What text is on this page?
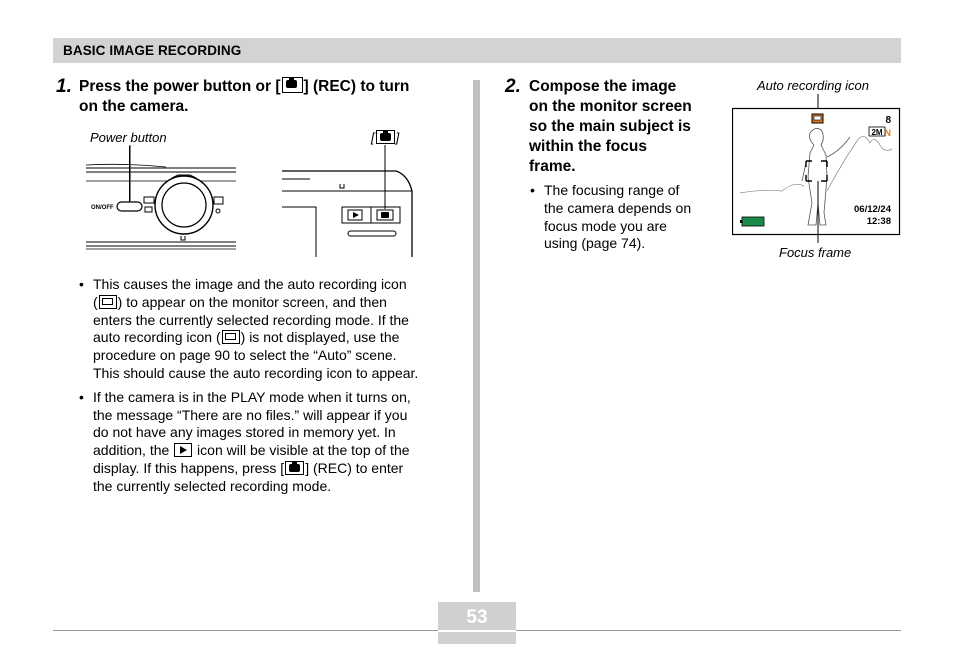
BASIC IMAGE RECORDING
1. Press the power button or [ ] (REC) to turn
on the camera.
Power button	[ ]
ON/OFF
• This causes the image and the auto recording icon
( ) to appear on the monitor screen, and then
enters the currently selected recording mode. If the
auto recording icon ( ) is not displayed, use the
procedure on page 90 to select the “Auto” scene.
This should cause the auto recording icon to appear.
• If the camera is in the PLAY mode when it turns on,
the message “There are no files.” will appear if you
do not have any images stored in memory yet. In
addition, the  icon will be visible at the top of the
display. If this happens, press [ ] (REC) to enter
the currently selected recording mode.
2. Compose the image
on the monitor screen
so the main subject is
within the focus
frame.
• The focusing range of
the camera depends on
focus mode you are
using (page 74).
Auto recording icon
Focus frame
8
2M N
06/12/24
12:38
53
